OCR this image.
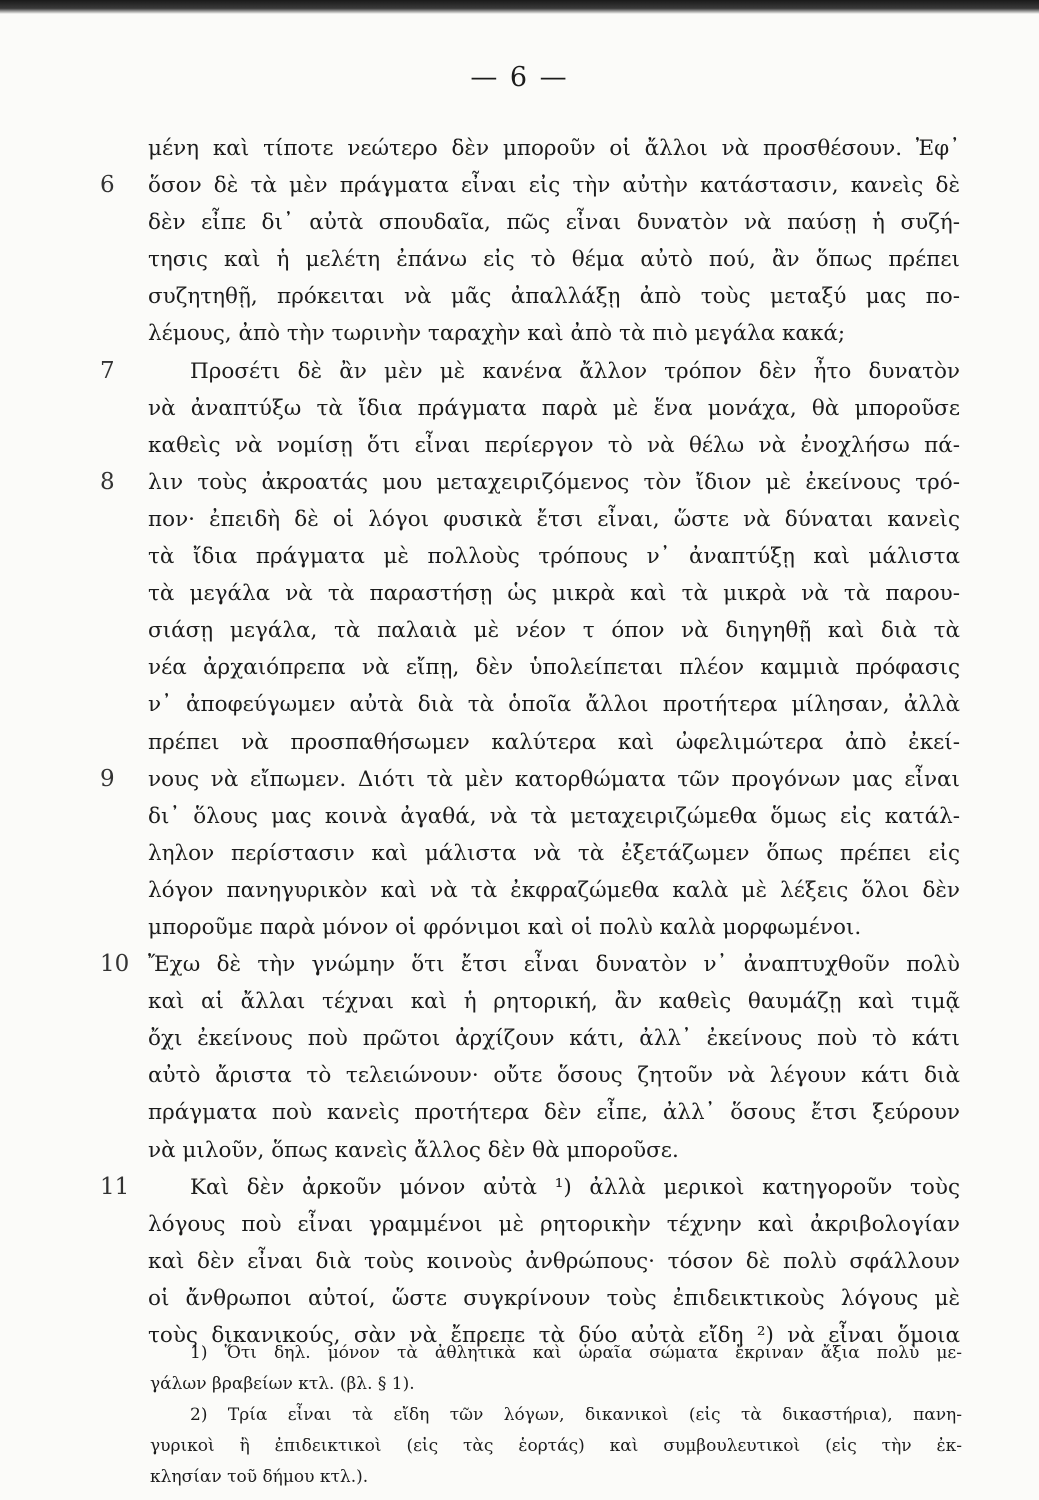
— 6 —
μένη καὶ τίποτε νεώτερο δὲν μποροῦν οἱ ἄλλοι νὰ προσθέσουν. Ἐφ᾿
6	ὅσον δὲ τὰ μὲν πράγματα εἶναι εἰς τὴν αὐτὴν κατάστασιν, κανεὶς δὲ
δὲν εἶπε δι᾿ αὐτὰ σπουδαῖα, πῶς εἶναι δυνατὸν νὰ παύσῃ ἡ συζή-
τησις καὶ ἡ μελέτη ἐπάνω εἰς τὸ θέμα αὐτὸ πού, ἂν ὅπως πρέπει
συζητηθῇ, πρόκειται νὰ μᾶς ἀπαλλάξῃ ἀπὸ τοὺς μεταξύ μας πο-
λέμους, ἀπὸ τὴν τωρινὴν ταραχὴν καὶ ἀπὸ τὰ πιὸ μεγάλα κακά;
7	Προσέτι δὲ ἂν μὲν μὲ κανένα ἄλλον τρόπον δὲν ἦτο δυνατὸν
νὰ ἀναπτύξω τὰ ἴδια πράγματα παρὰ μὲ ἕνα μονάχα, θὰ μποροῦσε
καθεὶς νὰ νομίσῃ ὅτι εἶναι περίεργον τὸ νὰ θέλω νὰ ἐνοχλήσω πά-
8	λιν τοὺς ἀκροατάς μου μεταχειριζόμενος τὸν ἴδιον μὲ ἐκείνους τρό-
πον· ἐπειδὴ δὲ οἱ λόγοι φυσικὰ ἔτσι εἶναι, ὥστε νὰ δύναται κανεὶς
τὰ ἴδια πράγματα μὲ πολλοὺς τρόπους ν᾿ ἀναπτύξῃ καὶ μάλιστα
τὰ μεγάλα νὰ τὰ παραστήσῃ ὡς μικρὰ καὶ τὰ μικρὰ νὰ τὰ παρου-
σιάσῃ μεγάλα, τὰ παλαιὰ μὲ νέον τ όπον νὰ διηγηθῇ καὶ διὰ τὰ
νέα ἀρχαιόπρεπα νὰ εἴπῃ, δὲν ὑπολείπεται πλέον καμμιὰ πρόφασις
ν᾿ ἀποφεύγωμεν αὐτὰ διὰ τὰ ὁποῖα ἄλλοι προτήτερα μίλησαν, ἀλλὰ
πρέπει νὰ προσπαθήσωμεν καλύτερα καὶ ὠφελιμώτερα ἀπὸ ἐκεί-
9	νους νὰ εἴπωμεν. Διότι τὰ μὲν κατορθώματα τῶν προγόνων μας εἶναι
δι᾿ ὅλους μας κοινὰ ἀγαθά, νὰ τὰ μεταχειριζώμεθα ὅμως εἰς κατάλ-
ληλον περίστασιν καὶ μάλιστα νὰ τὰ ἐξετάζωμεν ὅπως πρέπει εἰς
λόγον πανηγυρικὸν καὶ νὰ τὰ ἐκφραζώμεθα καλὰ μὲ λέξεις ὅλοι δὲν
μποροῦμε παρὰ μόνον οἱ φρόνιμοι καὶ οἱ πολὺ καλὰ μορφωμένοι.
10 Ἔχω δὲ τὴν γνώμην ὅτι ἔτσι εἶναι δυνατὸν ν᾿ ἀναπτυχθοῦν πολὺ
καὶ αἱ ἄλλαι τέχναι καὶ ἡ ρητορική, ἂν καθεὶς θαυμάζῃ καὶ τιμᾷ
ὄχι ἐκείνους ποὺ πρῶτοι ἀρχίζουν κάτι, ἀλλ᾿ ἐκείνους ποὺ τὸ κάτι
αὐτὸ ἄριστα τὸ τελειώνουν· οὔτε ὅσους ζητοῦν νὰ λέγουν κάτι διὰ
πράγματα ποὺ κανεὶς προτήτερα δὲν εἶπε, ἀλλ᾿ ὅσους ἔτσι ξεύρουν
νὰ μιλοῦν, ὅπως κανεὶς ἄλλος δὲν θὰ μποροῦσε.
11	Καὶ δὲν ἀρκοῦν μόνον αὐτὰ ¹) ἀλλὰ μερικοὶ κατηγοροῦν τοὺς
λόγους ποὺ εἶναι γραμμένοι μὲ ρητορικὴν τέχνην καὶ ἀκριβολογίαν
καὶ δὲν εἶναι διὰ τοὺς κοινοὺς ἀνθρώπους· τόσον δὲ πολὺ σφάλλουν
οἱ ἄνθρωποι αὐτοί, ὥστε συγκρίνουν τοὺς ἐπιδεικτικοὺς λόγους μὲ
τοὺς δικανικούς, σὰν νὰ ἔπρεπε τὰ δύο αὐτὰ εἴδη ²) νὰ εἶναι ὅμοια
1) Ὅτι δηλ. μόνον τὰ ἀθλητικὰ καὶ ὡραῖα σώματα ἔκριναν ἄξια πολὺ με-
γάλων βραβείων κτλ. (βλ. § 1).
2) Τρία εἶναι τὰ εἴδη τῶν λόγων, δικανικοὶ (εἰς τὰ δικαστήρια), πανη-
γυρικοὶ ἢ ἐπιδεικτικοὶ (εἰς τὰς ἑορτάς) καὶ συμβουλευτικοὶ (εἰς τὴν ἐκ-
κλησίαν τοῦ δήμου κτλ.).
